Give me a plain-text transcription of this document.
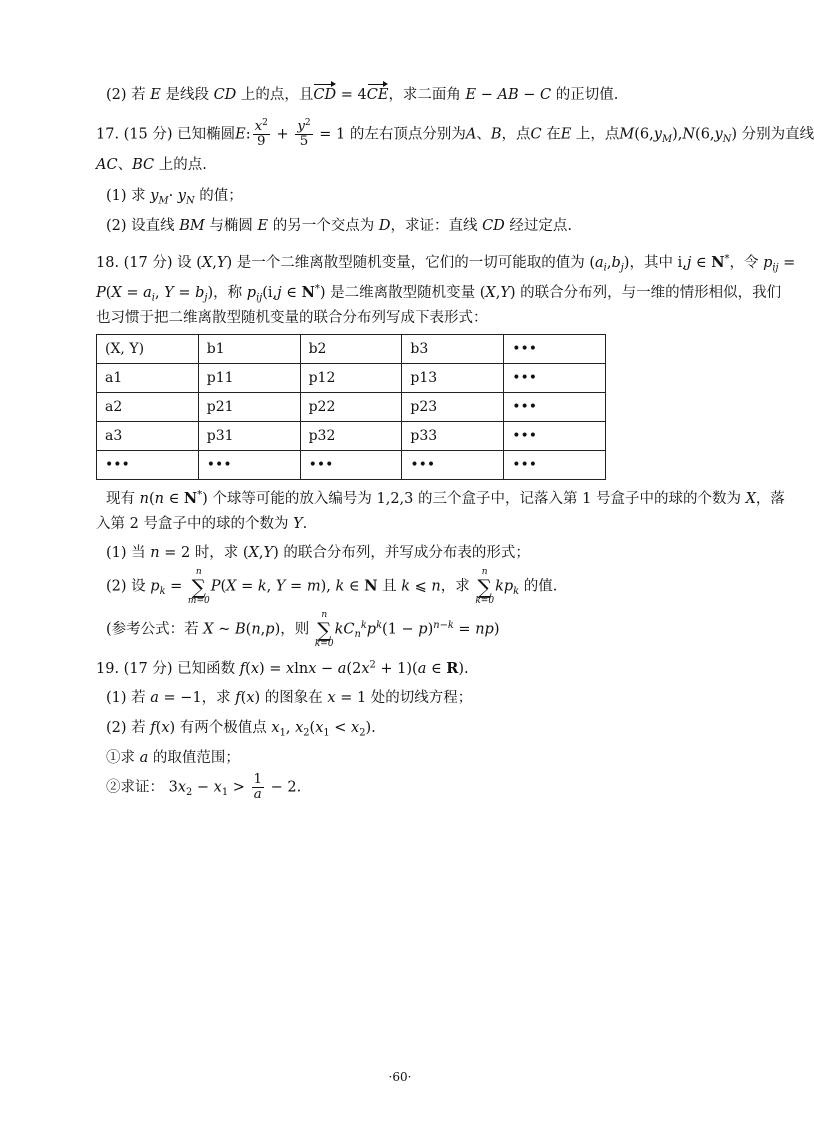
(2) 若 E 是线段 CD 上的点，且CD = 4CE，求二面角 E − AB − C 的正切值.
17. (15 分) 已知椭圆E: $\frac{x^2}{9} + \frac{y^2}{5} = 1$ 的左右顶点分别为A、B，点C 在E 上，点$M(6,y_M),N(6,y_N)$ 分别为直线
AC、BC 上的点.
(1) 求 $y_M\cdot y_N$ 的值；
(2) 设直线 BM 与椭圆 E 的另一个交点为 D，求证：直线 CD 经过定点.
18. (17 分) 设 (X,Y) 是一个二维离散型随机变量，它们的一切可能取的值为 $(a_i,b_j)$，其中 i,j ∈ N*，令 $p_{ij}$ =
$P(X = a_i$, $Y = b_j$)，称 $p_{ij}(i,j$ ∈ N*) 是二维离散型随机变量 (X,Y) 的联合分布列，与一维的情形相似，我们
也习惯于把二维离散型随机变量的联合分布列写成下表形式：
(X, Y)	b1	b2	b3	•••
a1	p11	p12	p13	•••
a2	p21	p22	p23	•••
a3	p31	p32	p33	•••
•••	•••	•••	•••	•••
现有 n(n ∈ N*) 个球等可能的放入编号为 1,2,3 的三个盒子中，记落入第 1 号盒子中的球的个数为 X，落
入第 2 号盒子中的球的个数为 Y.
(1) 当 n = 2 时，求 (X,Y) 的联合分布列，并写成分布表的形式；
(2) 设 $p_k$ =
n
∑
m=0
P(X = k, Y = m), k ∈ N 且 k ⩽ n，求
n
∑
k=0
$kp_k$ 的值.
(参考公式：若 X ~ B(n,p)，则
n
∑
k=0
$kC_n^kp^k(1 - p)^{n-k} = np$)
19. (17 分) 已知函数 $f(x) = xlnx - a(2x^2 + 1)(a$ ∈ R).
(1) 若 a = −1，求 f(x) 的图象在 x = 1 处的切线方程；
(2) 若 f(x) 有两个极值点 $x_1$, $x_2(x_1 < x_2)$.
①求 a 的取值范围；
②求证： $3x_2 - x_1 > \frac{1}{a} - 2$.
·60·
